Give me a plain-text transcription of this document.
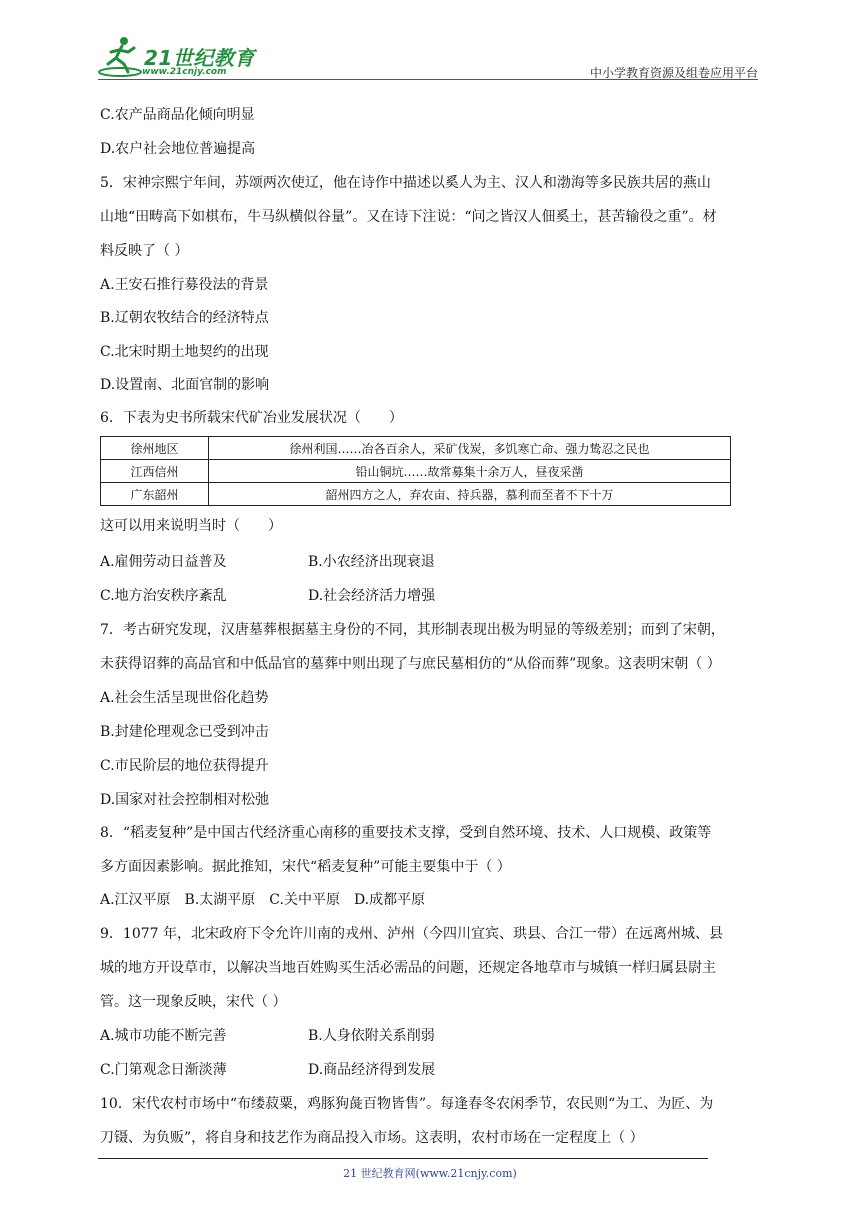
21世纪教育
www.21cnjy.com	中小学教育资源及组卷应用平台
C.农产品商品化倾向明显
D.农户社会地位普遍提高
5．宋神宗熙宁年间，苏颂两次使辽，他在诗作中描述以奚人为主、汉人和渤海等多民族共居的燕山
山地“田畴高下如棋布，牛马纵横似谷量”。又在诗下注说：“问之皆汉人佃奚土，甚苦输役之重”。材
料反映了（ ）
A.王安石推行募役法的背景
B.辽朝农牧结合的经济特点
C.北宋时期土地契约的出现
D.设置南、北面官制的影响
6．下表为史书所载宋代矿冶业发展状况（　　）
徐州地区	徐州利国……冶各百余人，采矿伐炭，多饥寒亡命、强力鸷忍之民也
江西信州	铅山铜坑……故常募集十余万人，昼夜采凿
广东韶州	韶州四方之人，弃农亩、持兵器，慕利而至者不下十万
这可以用来说明当时（　　）
A.雇佣劳动日益普及	B.小农经济出现衰退
C.地方治安秩序紊乱	D.社会经济活力增强
7．考古研究发现，汉唐墓葬根据墓主身份的不同，其形制表现出极为明显的等级差别；而到了宋朝，
未获得诏葬的高品官和中低品官的墓葬中则出现了与庶民墓相仿的“从俗而葬”现象。这表明宋朝（ ）
A.社会生活呈现世俗化趋势
B.封建伦理观念已受到冲击
C.市民阶层的地位获得提升
D.国家对社会控制相对松弛
8．“稻麦复种”是中国古代经济重心南移的重要技术支撑，受到自然环境、技术、人口规模、政策等
多方面因素影响。据此推知，宋代“稻麦复种”可能主要集中于（ ）
A.江汉平原　B.太湖平原　C.关中平原　D.成都平原
9．1077 年，北宋政府下令允许川南的戎州、泸州（今四川宜宾、珙县、合江一带）在远离州城、县
城的地方开设草市，以解决当地百姓购买生活必需品的问题，还规定各地草市与城镇一样归属县尉主
管。这一现象反映，宋代（ ）
A.城市功能不断完善	B.人身依附关系削弱
C.门第观念日渐淡薄	D.商品经济得到发展
10．宋代农村市场中“布缕菽粟，鸡豚狗彘百物皆售”。每逢春冬农闲季节，农民则“为工、为匠、为
刀镊、为负贩”，将自身和技艺作为商品投入市场。这表明，农村市场在一定程度上（ ）
21 世纪教育网(www.21cnjy.com)
